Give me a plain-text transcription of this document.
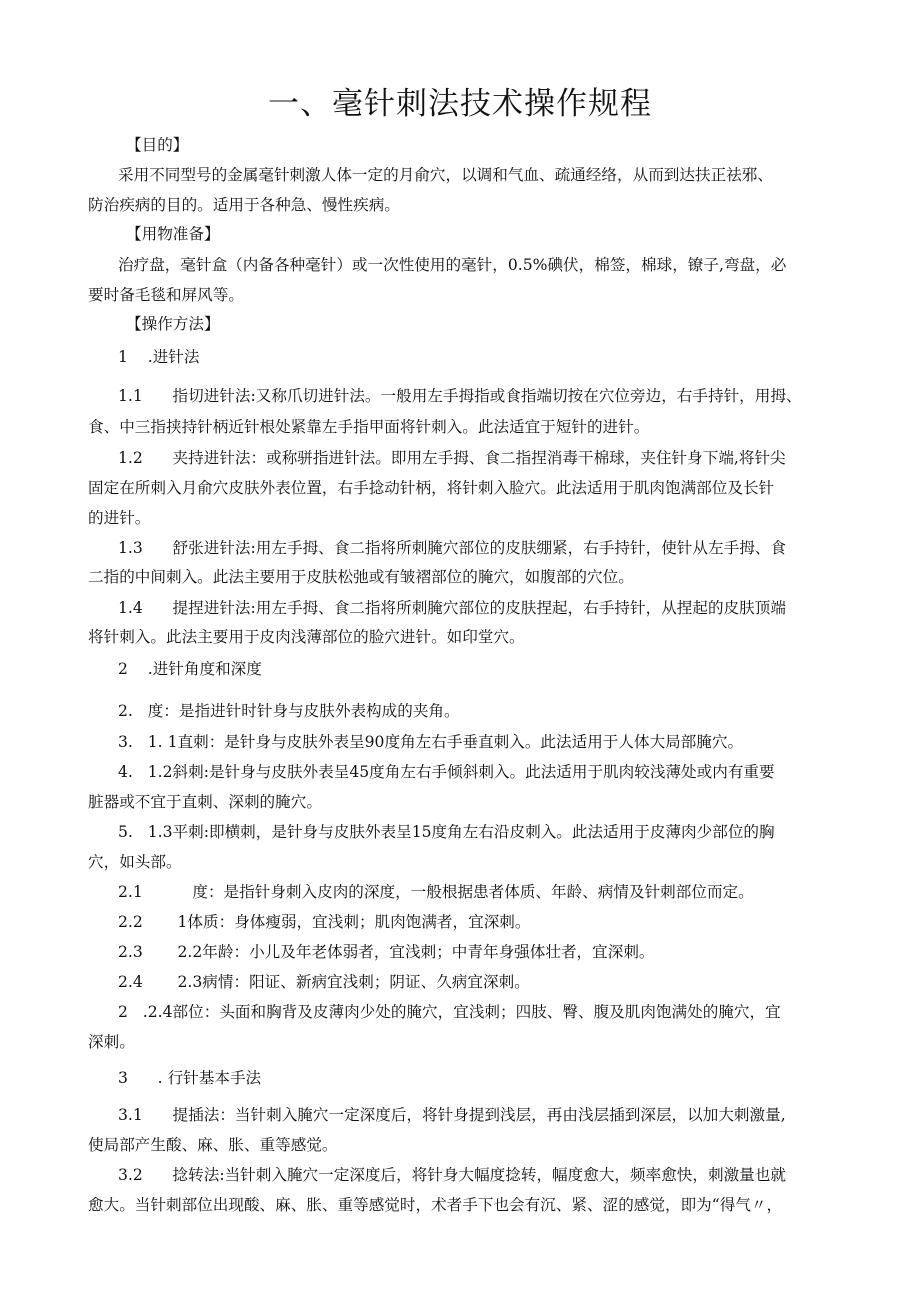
一、毫针刺法技术操作规程
【目的】
采用不同型号的金属毫针刺激人体一定的月俞穴，以调和气血、疏通经络，从而到达扶正祛邪、
防治疾病的目的。适用于各种急、慢性疾病。
【用物准备】
治疗盘，毫针盒（内备各种毫针）或一次性使用的毫针，0.5%碘伏，棉签，棉球，镣子,弯盘，必
要时备毛毯和屏风等。
【操作方法】
1    .进针法
1.1      指切进针法:又称爪切进针法。一般用左手拇指或食指端切按在穴位旁边，右手持针，用拇、
食、中三指挟持针柄近针根处紧靠左手指甲面将针刺入。此法适宜于短针的进针。
1.2      夹持进针法：或称骈指进针法。即用左手拇、食二指捏消毒干棉球，夹住针身下端,将针尖
固定在所刺入月俞穴皮肤外表位置，右手捻动针柄，将针刺入脸穴。此法适用于肌肉饱满部位及长针
的进针。
1.3      舒张进针法:用左手拇、食二指将所刺腌穴部位的皮肤绷紧，右手持针，使针从左手拇、食
二指的中间刺入。此法主要用于皮肤松弛或有皱褶部位的腌穴，如腹部的穴位。
1.4      提捏进针法:用左手拇、食二指将所刺腌穴部位的皮肤捏起，右手持针，从捏起的皮肤顶端
将针刺入。此法主要用于皮肉浅薄部位的脸穴进针。如印堂穴。
2    .进针角度和深度
2.   度：是指进针时针身与皮肤外表构成的夹角。
3.   1. 1直刺：是针身与皮肤外表呈90度角左右手垂直刺入。此法适用于人体大局部腌穴。
4.   1.2斜刺:是针身与皮肤外表呈45度角左右手倾斜刺入。此法适用于肌肉较浅薄处或内有重要
脏器或不宜于直刺、深刺的腌穴。
5.   1.3平刺:即横刺，是针身与皮肤外表呈15度角左右沿皮刺入。此法适用于皮薄肉少部位的胸
穴，如头部。
2.1          度：是指针身刺入皮肉的深度，一般根据患者体质、年龄、病情及针刺部位而定。
2.2       1体质：身体瘦弱，宜浅刺；肌肉饱满者，宜深刺。
2.3       2.2年龄：小儿及年老体弱者，宜浅刺；中青年身强体壮者，宜深刺。
2.4       2.3病情：阳证、新病宜浅刺；阴证、久病宜深刺。
2   .2.4部位：头面和胸背及皮薄肉少处的腌穴，宜浅刺；四肢、臀、腹及肌肉饱满处的腌穴，宜
深刺。
3      . 行针基本手法
3.1      提插法：当针刺入腌穴一定深度后，将针身提到浅层，再由浅层插到深层，以加大刺激量,
使局部产生酸、麻、胀、重等感觉。
3.2      捻转法:当针刺入腌穴一定深度后，将针身大幅度捻转，幅度愈大，频率愈快，刺激量也就
愈大。当针刺部位出现酸、麻、胀、重等感觉时，术者手下也会有沉、紧、涩的感觉，即为“得气〃，
